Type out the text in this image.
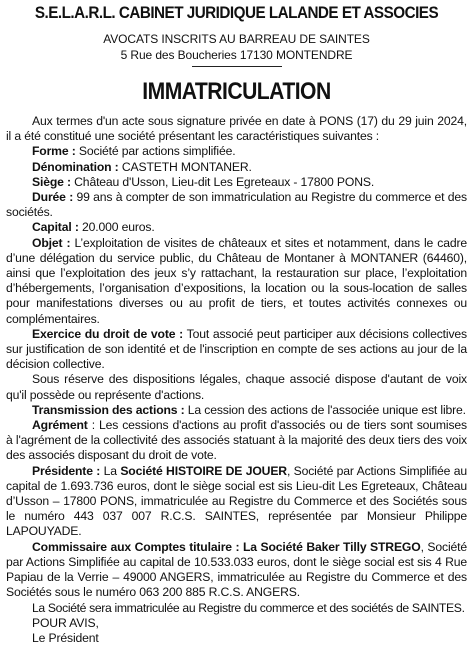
S.E.L.A.R.L. CABINET JURIDIQUE LALANDE ET ASSOCIES
AVOCATS INSCRITS AU BARREAU DE SAINTES
5 Rue des Boucheries 17130 MONTENDRE
IMMATRICULATION

Aux termes d'un acte sous signature privée en date à PONS (17) du 29 juin 2024, il a été constitué une société présentant les caractéristiques suivantes :

Forme : Société par actions simplifiée.

Dénomination : CASTETH MONTANER.

Siège : Château d'Usson, Lieu-dit Les Egreteaux - 17800 PONS.

Durée : 99 ans à compter de son immatriculation au Registre du commerce et des sociétés.

Capital : 20.000 euros.

Objet : L’exploitation de visites de châteaux et sites et notamment, dans le cadre d’une délégation du service public, du Château de Montaner à MONTANER (64460), ainsi que l’exploitation des jeux s’y rattachant, la restauration sur place, l’exploitation d’hébergements, l’organisation d’expositions, la location ou la sous-location de salles pour manifestations diverses ou au profit de tiers, et toutes activités connexes ou complémentaires.

Exercice du droit de vote : Tout associé peut participer aux décisions collectives sur justification de son identité et de l'inscription en compte de ses actions au jour de la décision collective.

Sous réserve des dispositions légales, chaque associé dispose d'autant de voix qu'il possède ou représente d'actions.

Transmission des actions : La cession des actions de l'associée unique est libre.

Agrément : Les cessions d'actions au profit d'associés ou de tiers sont soumises à l'agrément de la collectivité des associés statuant à la majorité des deux tiers des voix des associés disposant du droit de vote.

Présidente : La Société HISTOIRE DE JOUER, Société par Actions Simplifiée au capital de 1.693.736 euros, dont le siège social est sis Lieu-dit Les Egreteaux, Château d’Usson – 17800 PONS, immatriculée au Registre du Commerce et des Sociétés sous le numéro 443 037 007 R.C.S. SAINTES, représentée par Monsieur Philippe LAPOUYADE.

Commissaire aux Comptes titulaire : La Société Baker Tilly STREGO, Société par Actions Simplifiée au capital de 10.533.033 euros, dont le siège social est sis 4 Rue Papiau de la Verrie – 49000 ANGERS, immatriculée au Registre du Commerce et des Sociétés sous le numéro 063 200 885 R.C.S. ANGERS.

La Société sera immatriculée au Registre du commerce et des sociétés de SAINTES.

POUR AVIS,

Le Président
